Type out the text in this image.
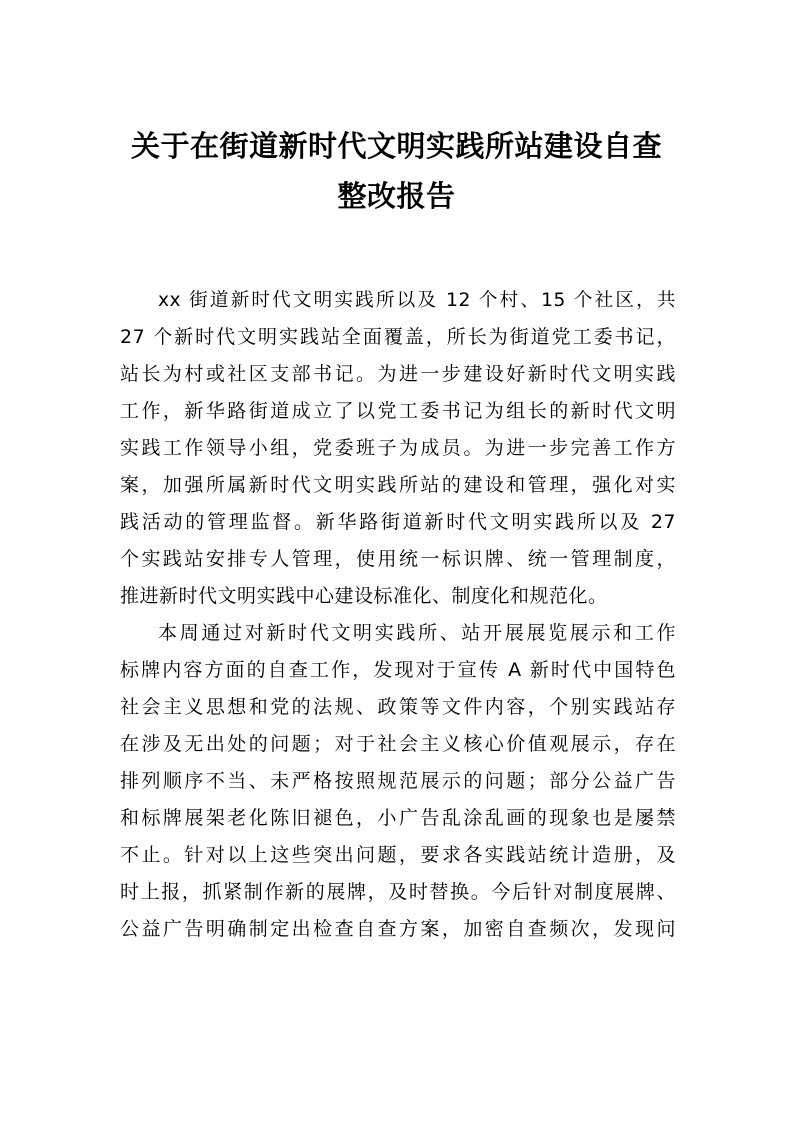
关于在街道新时代文明实践所站建设自查
整改报告

xx 街道新时代文明实践所以及 12 个村、15 个社区，共
27 个新时代文明实践站全面覆盖，所长为街道党工委书记，
站长为村或社区支部书记。为进一步建设好新时代文明实践
工作，新华路街道成立了以党工委书记为组长的新时代文明
实践工作领导小组，党委班子为成员。为进一步完善工作方
案，加强所属新时代文明实践所站的建设和管理，强化对实
践活动的管理监督。新华路街道新时代文明实践所以及 27
个实践站安排专人管理，使用统一标识牌、统一管理制度，
推进新时代文明实践中心建设标准化、制度化和规范化。

本周通过对新时代文明实践所、站开展展览展示和工作
标牌内容方面的自查工作，发现对于宣传 A 新时代中国特色
社会主义思想和党的法规、政策等文件内容，个别实践站存
在涉及无出处的问题；对于社会主义核心价值观展示，存在
排列顺序不当、未严格按照规范展示的问题；部分公益广告
和标牌展架老化陈旧褪色，小广告乱涂乱画的现象也是屡禁
不止。针对以上这些突出问题，要求各实践站统计造册，及
时上报，抓紧制作新的展牌，及时替换。今后针对制度展牌、
公益广告明确制定出检查自查方案，加密自查频次，发现问
